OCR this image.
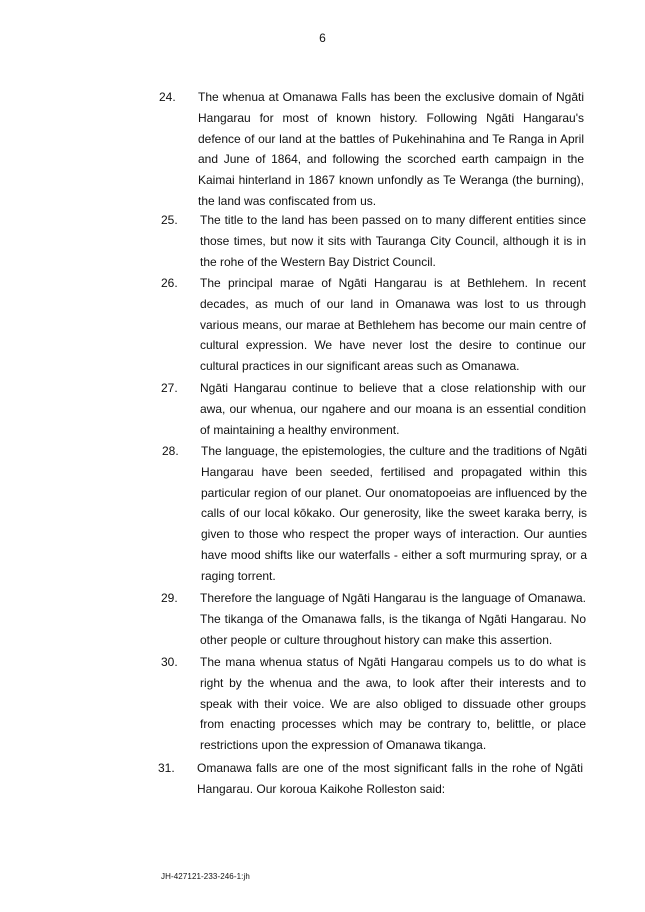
6
24. The whenua at Omanawa Falls has been the exclusive domain of Ngāti Hangarau for most of known history. Following Ngāti Hangarau's defence of our land at the battles of Pukehinahina and Te Ranga in April and June of 1864, and following the scorched earth campaign in the Kaimai hinterland in 1867 known unfondly as Te Weranga (the burning), the land was confiscated from us.
25. The title to the land has been passed on to many different entities since those times, but now it sits with Tauranga City Council, although it is in the rohe of the Western Bay District Council.
26. The principal marae of Ngāti Hangarau is at Bethlehem. In recent decades, as much of our land in Omanawa was lost to us through various means, our marae at Bethlehem has become our main centre of cultural expression. We have never lost the desire to continue our cultural practices in our significant areas such as Omanawa.
27. Ngāti Hangarau continue to believe that a close relationship with our awa, our whenua, our ngahere and our moana is an essential condition of maintaining a healthy environment.
28. The language, the epistemologies, the culture and the traditions of Ngāti Hangarau have been seeded, fertilised and propagated within this particular region of our planet. Our onomatopoeias are influenced by the calls of our local kōkako. Our generosity, like the sweet karaka berry, is given to those who respect the proper ways of interaction. Our aunties have mood shifts like our waterfalls - either a soft murmuring spray, or a raging torrent.
29. Therefore the language of Ngāti Hangarau is the language of Omanawa. The tikanga of the Omanawa falls, is the tikanga of Ngāti Hangarau. No other people or culture throughout history can make this assertion.
30. The mana whenua status of Ngāti Hangarau compels us to do what is right by the whenua and the awa, to look after their interests and to speak with their voice. We are also obliged to dissuade other groups from enacting processes which may be contrary to, belittle, or place restrictions upon the expression of Omanawa tikanga.
31. Omanawa falls are one of the most significant falls in the rohe of Ngāti Hangarau. Our koroua Kaikohe Rolleston said:
JH-427121-233-246-1:jh
